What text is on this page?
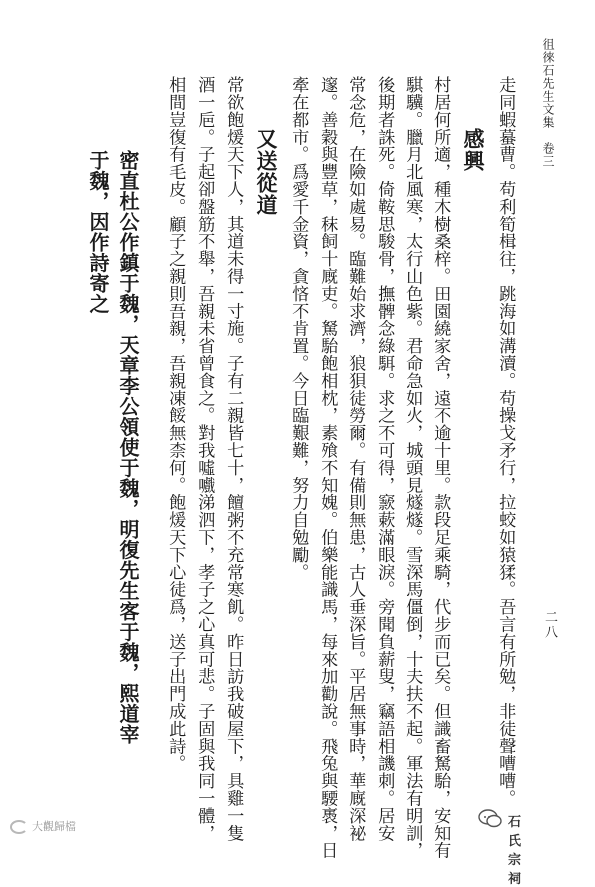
徂徠石先生文集　卷三
二八
走同蝦蟇曹。苟利筍楫往，跳海如溝瀆。苟操戈矛行，拉蛟如猿猱。吾言有所勉，非徒聲嘈嘈。
感興
村居何所適，種木樹桑梓。田園繞家舍，遠不逾十里。款段足乘騎，代步而已矣。但識畜駑駘，安知有
騏驥。臘月北風寒，太行山色紫。君命急如火，城頭見燧燧。雪深馬僵倒，十夫扶不起。軍法有明訓，
後期者誅死。倚鞍思駿骨，撫髀念綠駬。求之不可得，窾蔌滿眼淚。旁聞負薪叟，竊語相譏刺。居安
常念危，在險如處易。臨難始求濟，狼狽徒勞爾。有備則無患，古人垂深旨。平居無事時，華廐深袐
邃。善穀與豐草，秣飼十廐吏。駑駘飽相枕，素飱不知媿。伯樂能識馬，每來加勸說。飛兔與騕褭，日
牽在都市。爲愛千金資，貪悋不肯置。今日臨艱難，努力自勉勵。
又送從道
常欲飽煖天下人，其道未得一寸施。子有二親皆七十，饘粥不充常寒飢。昨日訪我破屋下，具雞一隻
酒一巵。子起卻盤筋不舉，吾親未省曾食之。對我噓嚱涕泗下，孝子之心真可悲。子固與我同一體，
相間豈復有毛皮。顧子之親則吾親，吾親凍餒無柰何。飽煖天下心徒爲，送子出門成此詩。
密直杜公作鎮于魏，天章李公領使于魏，明復先生客于魏，熙道宰
于魏，因作詩寄之
大觀歸檔	石氏宗祠
